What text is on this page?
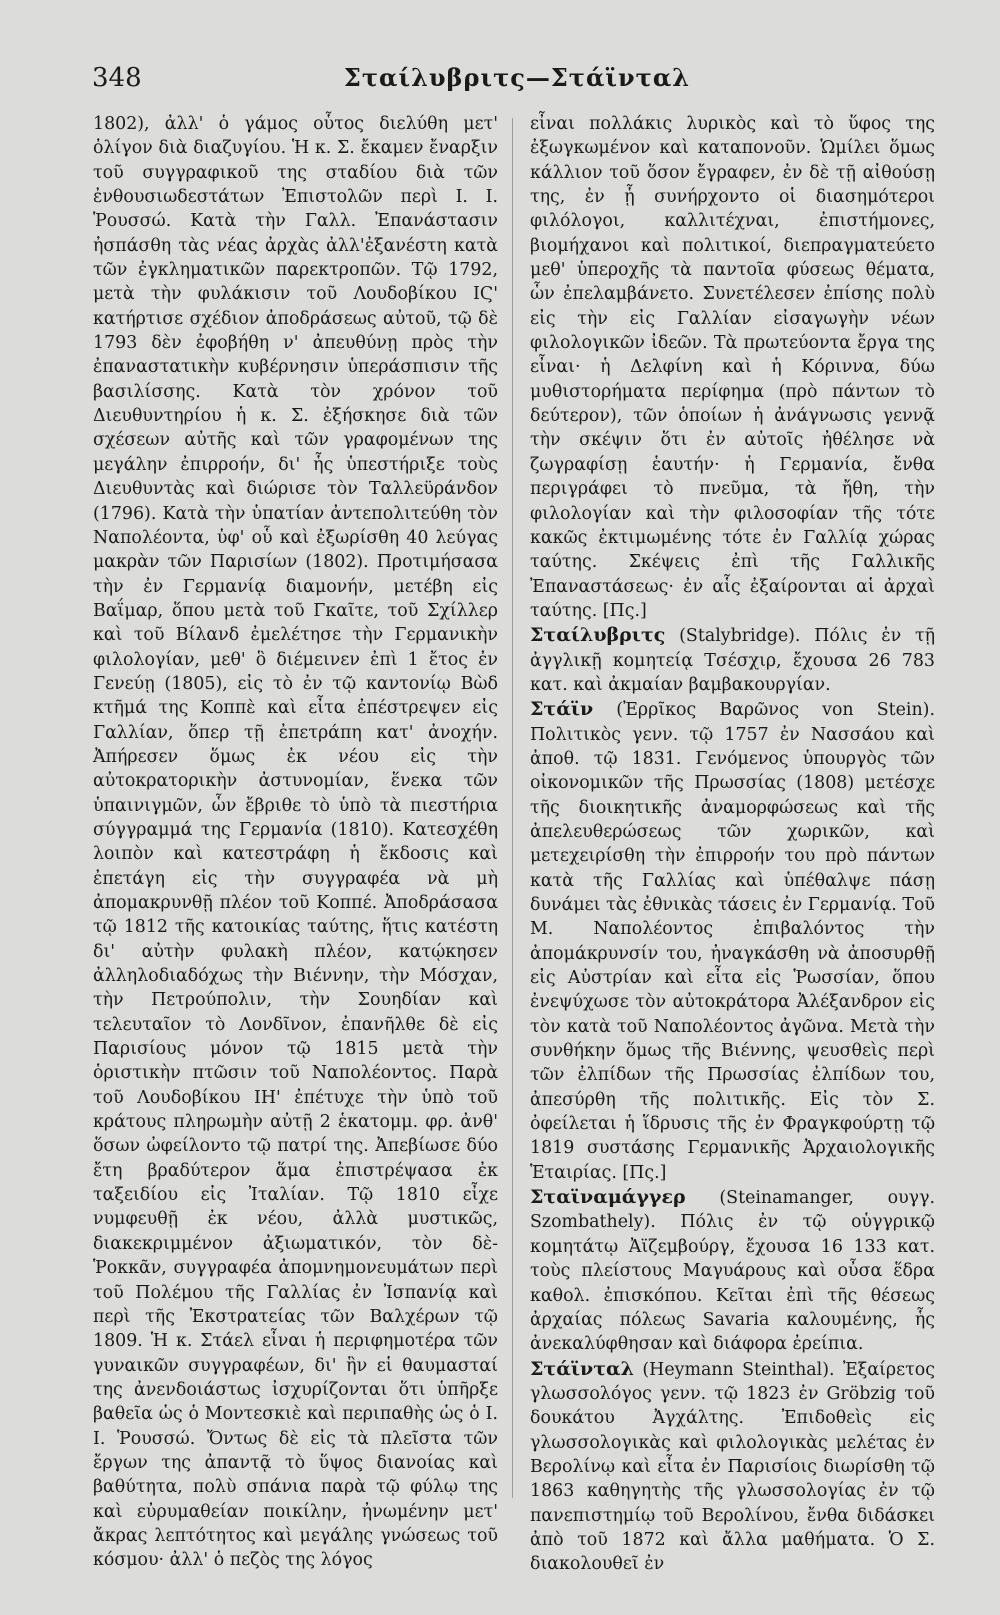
348	Σταίλυβριτς—Στάϊνταλ

1802), ἀλλ' ὁ γάμος οὗτος διελύθη μετ' ὀλίγον διὰ διαζυγίου. Ἡ κ. Σ. ἔκαμεν ἔναρξιν τοῦ συγγραφικοῦ της σταδίου διὰ τῶν ἐνθουσιωδεστάτων Ἐπιστολῶν περὶ Ι. Ι. Ῥουσσώ. Κατὰ τὴν Γαλλ. Ἐπανάστασιν ἠσπάσθη τὰς νέας ἀρχὰς ἀλλ'ἐξανέστη κατὰ τῶν ἐγκληματικῶν παρεκτροπῶν. Τῷ 1792, μετὰ τὴν φυλάκισιν τοῦ Λουδοβίκου ΙϚ' κατήρτισε σχέδιον ἀποδράσεως αὐτοῦ, τῷ δὲ 1793 δὲν ἐφοβήθη ν' ἀπευθύνῃ πρὸς τὴν ἐπαναστατικὴν κυβέρνησιν ὑπεράσπισιν τῆς βασιλίσσης. Κατὰ τὸν χρόνον τοῦ Διευθυντηρίου ἡ κ. Σ. ἐξήσκησε διὰ τῶν σχέσεων αὐτῆς καὶ τῶν γραφομένων της μεγάλην ἐπιρροήν, δι' ἧς ὑπεστήριξε τοὺς Διευθυντὰς καὶ διώρισε τὸν Ταλλεϋράνδον (1796). Κατὰ τὴν ὑπατίαν ἀντεπολιτεύθη τὸν Ναπολέοντα, ὑφ' οὗ καὶ ἐξωρίσθη 40 λεύγας μακρὰν τῶν Παρισίων (1802). Προτιμήσασα τὴν ἐν Γερμανίᾳ διαμονήν, μετέβη εἰς Βαΐμαρ, ὅπου μετὰ τοῦ Γκαῖτε, τοῦ Σχίλλερ καὶ τοῦ Βίλανδ ἐμελέτησε τὴν Γερμανικὴν φιλολογίαν, μεθ' ὃ διέμεινεν ἐπὶ 1 ἔτος ἐν Γενεύῃ (1805), εἰς τὸ ἐν τῷ καντονίῳ Βὼδ κτῆμά της Κοππὲ καὶ εἶτα ἐπέστρεψεν εἰς Γαλλίαν, ὅπερ τῇ ἐπετράπη κατ' ἀνοχήν. Ἀπήρεσεν ὅμως ἐκ νέου εἰς τὴν αὐτοκρατορικὴν ἀστυνομίαν, ἕνεκα τῶν ὑπαινιγμῶν, ὧν ἔβριθε τὸ ὑπὸ τὰ πιεστήρια σύγγραμμά της Γερμανία (1810). Κατεσχέθη λοιπὸν καὶ κατεστράφη ἡ ἔκδοσις καὶ ἐπετάγη εἰς τὴν συγγραφέα νὰ μὴ ἀπομακρυνθῇ πλέον τοῦ Κοππέ. Ἀποδράσασα τῷ 1812 τῆς κατοικίας ταύτης, ἥτις κατέστη δι' αὐτὴν φυλακὴ πλέον, κατῴκησεν ἀλληλοδιαδόχως τὴν Βιέννην, τὴν Μόσχαν, τὴν Πετρούπολιν, τὴν Σουηδίαν καὶ τελευταῖον τὸ Λονδῖνον, ἐπανῆλθε δὲ εἰς Παρισίους μόνον τῷ 1815 μετὰ τὴν ὁριστικὴν πτῶσιν τοῦ Ναπολέοντος. Παρὰ τοῦ Λουδοβίκου ΙΗ' ἐπέτυχε τὴν ὑπὸ τοῦ κράτους πληρωμὴν αὐτῇ 2 ἑκατομμ. φρ. ἀνθ' ὅσων ὠφείλοντο τῷ πατρί της. Ἀπεβίωσε δύο ἔτη βραδύτερον ἅμα ἐπιστρέψασα ἐκ ταξειδίου εἰς Ἰταλίαν. Τῷ 1810 εἶχε νυμφευθῇ ἐκ νέου, ἀλλὰ μυστικῶς, διακεκριμμένον ἀξιωματικόν, τὸν δὲ-Ῥοκκᾶν, συγγραφέα ἀπομνημονευμάτων περὶ τοῦ Πολέμου τῆς Γαλλίας ἐν Ἰσπανίᾳ καὶ περὶ τῆς Ἐκστρατείας τῶν Βαλχέρων τῷ 1809. Ἡ κ. Στάελ εἶναι ἡ περιφημοτέρα τῶν γυναικῶν συγγραφέων, δι' ἣν εἱ θαυμασταί της ἀνενδοιάστως ἰσχυρίζονται ὅτι ὑπῆρξε βαθεῖα ὡς ὁ Μοντεσκιὲ καὶ περιπαθὴς ὡς ὁ Ι. Ι. Ῥουσσώ. Ὄντως δὲ εἰς τὰ πλεῖστα τῶν ἔργων της ἀπαντᾷ τὸ ὕψος διανοίας καὶ βαθύτητα, πολὺ σπάνια παρὰ τῷ φύλῳ της καὶ εὐρυμαθείαν ποικίλην, ἠνωμένην μετ' ἄκρας λεπτότητος καὶ μεγάλης γνώσεως τοῦ κόσμου· ἀλλ' ὁ πεζὸς της λόγος

εἶναι πολλάκις λυρικὸς καὶ τὸ ὕφος της ἐξωγκωμένον καὶ καταπονοῦν. Ὡμίλει ὅμως κάλλιον τοῦ ὅσον ἔγραφεν, ἐν δὲ τῇ αἰθούσῃ της, ἐν ᾗ συνήρχοντο οἱ διασημότεροι φιλόλογοι, καλλιτέχναι, ἐπιστήμονες, βιομήχανοι καὶ πολιτικοί, διεπραγματεύετο μεθ' ὑπεροχῆς τὰ παντοῖα φύσεως θέματα, ὧν ἐπελαμβάνετο. Συνετέλεσεν ἐπίσης πολὺ εἰς τὴν εἰς Γαλλίαν εἰσαγωγὴν νέων φιλολογικῶν ἰδεῶν. Τὰ πρωτεύοντα ἔργα της εἶναι· ἡ Δελφίνη καὶ ἡ Κόριννα, δύω μυθιστορήματα περίφημα (πρὸ πάντων τὸ δεύτερον), τῶν ὁποίων ἡ ἀνάγνωσις γεννᾷ τὴν σκέψιν ὅτι ἐν αὐτοῖς ἠθέλησε νὰ ζωγραφίσῃ ἑαυτήν· ἡ Γερμανία, ἔνθα περιγράφει τὸ πνεῦμα, τὰ ἤθη, τὴν φιλολογίαν καὶ τὴν φιλοσοφίαν τῆς τότε κακῶς ἐκτιμωμένης τότε ἐν Γαλλίᾳ χώρας ταύτης. Σκέψεις ἐπὶ τῆς Γαλλικῆς Ἐπαναστάσεως· ἐν αἷς ἐξαίρονται αἱ ἀρχαὶ ταύτης. [Πς.]

Σταίλυβριτς (Stalybridge). Πόλις ἐν τῇ ἀγγλικῇ κομητείᾳ Τσέσχιρ, ἔχουσα 26 783 κατ. καὶ ἀκμαίαν βαμβακουργίαν.

Στάϊν (Ἐρρῖκος Βαρῶνος von Stein). Πολιτικὸς γενν. τῷ 1757 ἐν Νασσάου καὶ ἀποθ. τῷ 1831. Γενόμενος ὑπουργὸς τῶν οἰκονομικῶν τῆς Πρωσσίας (1808) μετέσχε τῆς διοικητικῆς ἀναμορφώσεως καὶ τῆς ἀπελευθερώσεως τῶν χωρικῶν, καὶ μετεχειρίσθη τὴν ἐπιρροήν του πρὸ πάντων κατὰ τῆς Γαλλίας καὶ ὑπέθαλψε πάσῃ δυνάμει τὰς ἐθνικὰς τάσεις ἐν Γερμανίᾳ. Τοῦ Μ. Ναπολέοντος ἐπιβαλόντος τὴν ἀπομάκρυνσίν του, ἠναγκάσθη νὰ ἀποσυρθῇ εἰς Αὐστρίαν καὶ εἶτα εἰς Ῥωσσίαν, ὅπου ἐνεψύχωσε τὸν αὐτοκράτορα Ἀλέξανδρον εἰς τὸν κατὰ τοῦ Ναπολέοντος ἀγῶνα. Μετὰ τὴν συνθήκην ὅμως τῆς Βιέννης, ψευσθεὶς περὶ τῶν ἐλπίδων τῆς Πρωσσίας ἐλπίδων του, ἀπεσύρθη τῆς πολιτικῆς. Εἰς τὸν Σ. ὀφείλεται ἡ ἵδρυσις τῆς ἐν Φραγκφούρτῃ τῷ 1819 συστάσης Γερμανικῆς Ἀρχαιολογικῆς Ἑταιρίας. [Πς.]

Σταϊναμάγγερ (Steinamanger, ουγγ. Szombathely). Πόλις ἐν τῷ οὑγγρικῷ κομητάτῳ Ἀϊζεμβούργ, ἔχουσα 16 133 κατ. τοὺς πλείστους Μαγυάρους καὶ οὖσα ἕδρα καθολ. ἐπισκόπου. Κεῖται ἐπὶ τῆς θέσεως ἀρχαίας πόλεως Savaria καλουμένης, ἧς ἀνεκαλύφθησαν καὶ διάφορα ἐρείπια.

Στάϊνταλ (Heymann Steinthal). Ἐξαίρετος γλωσσολόγος γενν. τῷ 1823 ἐν Gröbzig τοῦ δουκάτου Ἀγχάλτης. Ἐπιδοθεὶς εἰς γλωσσολογικὰς καὶ φιλολογικὰς μελέτας ἐν Βερολίνῳ καὶ εἶτα ἐν Παρισίοις διωρίσθη τῷ 1863 καθηγητὴς τῆς γλωσσολογίας ἐν τῷ πανεπιστημίῳ τοῦ Βερολίνου, ἔνθα διδάσκει ἀπὸ τοῦ 1872 καὶ ἄλλα μαθήματα. Ὁ Σ. διακολουθεῖ ἐν
